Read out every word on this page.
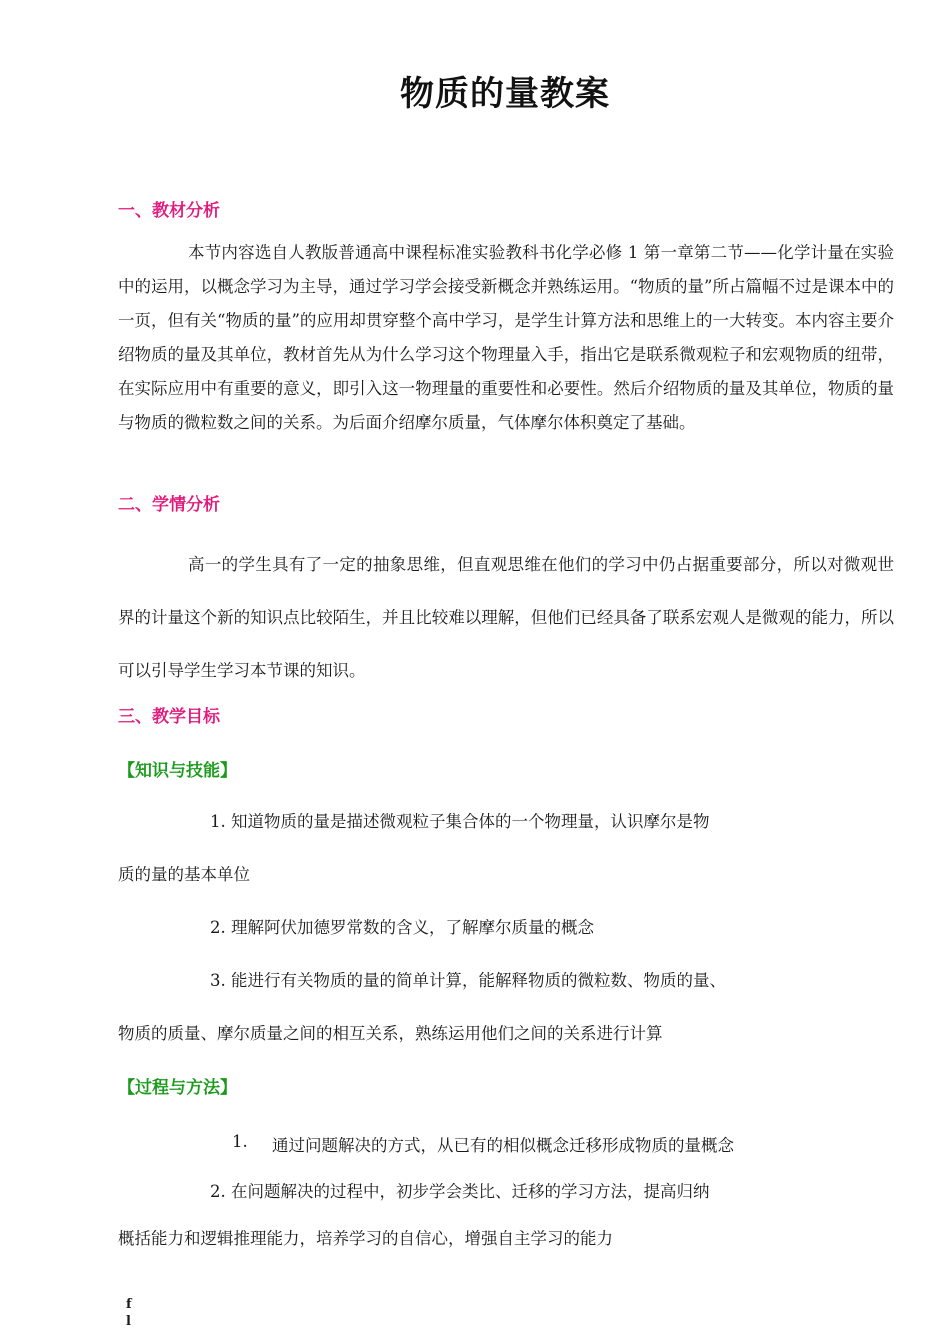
物质的量教案
一、教材分析

本节内容选自人教版普通高中课程标准实验教科书化学必修 1 第一章第二节——化学计量在实验中的运用，以概念学习为主导，通过学习学会接受新概念并熟练运用。“物质的量”所占篇幅不过是课本中的一页，但有关“物质的量”的应用却贯穿整个高中学习，是学生计算方法和思维上的一大转变。本内容主要介绍物质的量及其单位，教材首先从为什么学习这个物理量入手，指出它是联系微观粒子和宏观物质的纽带，在实际应用中有重要的意义，即引入这一物理量的重要性和必要性。然后介绍物质的量及其单位，物质的量与物质的微粒数之间的关系。为后面介绍摩尔质量，气体摩尔体积奠定了基础。

二、学情分析

高一的学生具有了一定的抽象思维，但直观思维在他们的学习中仍占据重要部分，所以对微观世界的计量这个新的知识点比较陌生，并且比较难以理解，但他们已经具备了联系宏观人是微观的能力，所以可以引导学生学习本节课的知识。

三、教学目标
【知识与技能】
1. 知道物质的量是描述微观粒子集合体的一个物理量，认识摩尔是物
质的量的基本单位
2. 理解阿伏加德罗常数的含义，了解摩尔质量的概念
3. 能进行有关物质的量的简单计算，能解释物质的微粒数、物质的量、
物质的质量、摩尔质量之间的相互关系，熟练运用他们之间的关系进行计算
【过程与方法】
1. 通过问题解决的方式，从已有的相似概念迁移形成物质的量概念
2. 在问题解决的过程中，初步学会类比、迁移的学习方法，提高归纳
概括能力和逻辑推理能力，培养学习的自信心，增强自主学习的能力
f
l
